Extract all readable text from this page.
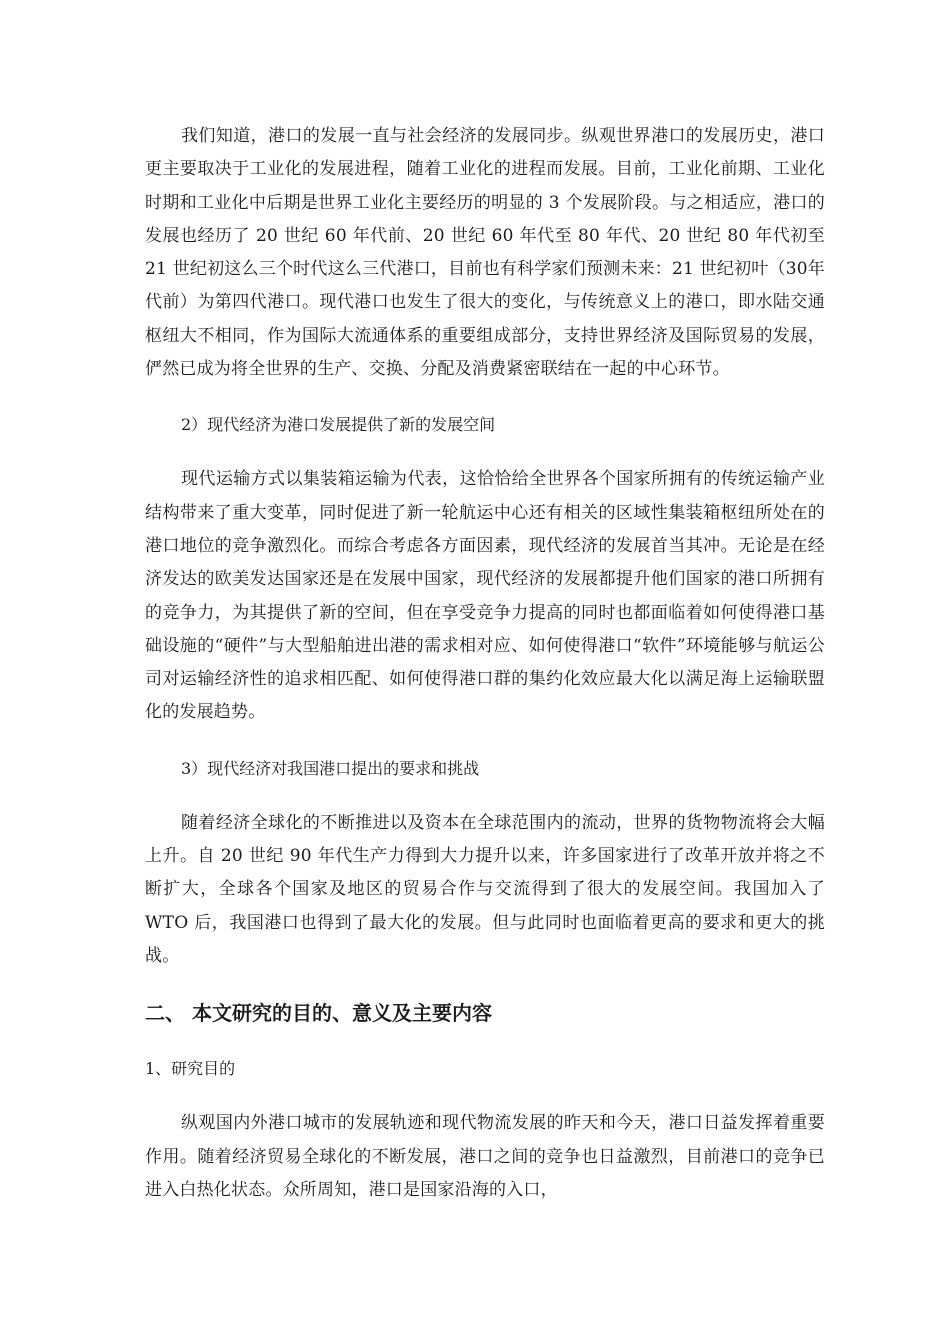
我们知道，港口的发展一直与社会经济的发展同步。纵观世界港口的发展历史，港口更主要取决于工业化的发展进程，随着工业化的进程而发展。目前，工业化前期、工业化时期和工业化中后期是世界工业化主要经历的明显的 3 个发展阶段。与之相适应，港口的发展也经历了 20 世纪 60 年代前、20 世纪 60 年代至 80 年代、20 世纪 80 年代初至 21 世纪初这么三个时代这么三代港口，目前也有科学家们预测未来：21 世纪初叶（30年代前）为第四代港口。现代港口也发生了很大的变化，与传统意义上的港口，即水陆交通枢纽大不相同，作为国际大流通体系的重要组成部分，支持世界经济及国际贸易的发展，俨然已成为将全世界的生产、交换、分配及消费紧密联结在一起的中心环节。

2）现代经济为港口发展提供了新的发展空间

现代运输方式以集装箱运输为代表，这恰恰给全世界各个国家所拥有的传统运输产业结构带来了重大变革，同时促进了新一轮航运中心还有相关的区域性集装箱枢纽所处在的港口地位的竞争激烈化。而综合考虑各方面因素，现代经济的发展首当其冲。无论是在经济发达的欧美发达国家还是在发展中国家，现代经济的发展都提升他们国家的港口所拥有的竞争力，为其提供了新的空间，但在享受竞争力提高的同时也都面临着如何使得港口基础设施的“硬件”与大型船舶进出港的需求相对应、如何使得港口“软件”环境能够与航运公司对运输经济性的追求相匹配、如何使得港口群的集约化效应最大化以满足海上运输联盟化的发展趋势。

3）现代经济对我国港口提出的要求和挑战

随着经济全球化的不断推进以及资本在全球范围内的流动，世界的货物物流将会大幅上升。自 20 世纪 90 年代生产力得到大力提升以来，许多国家进行了改革开放并将之不断扩大，全球各个国家及地区的贸易合作与交流得到了很大的发展空间。我国加入了 WTO 后，我国港口也得到了最大化的发展。但与此同时也面临着更高的要求和更大的挑战。

二、 本文研究的目的、意义及主要内容

1、研究目的

纵观国内外港口城市的发展轨迹和现代物流发展的昨天和今天，港口日益发挥着重要作用。随着经济贸易全球化的不断发展，港口之间的竞争也日益激烈，目前港口的竞争已进入白热化状态。众所周知，港口是国家沿海的入口，
